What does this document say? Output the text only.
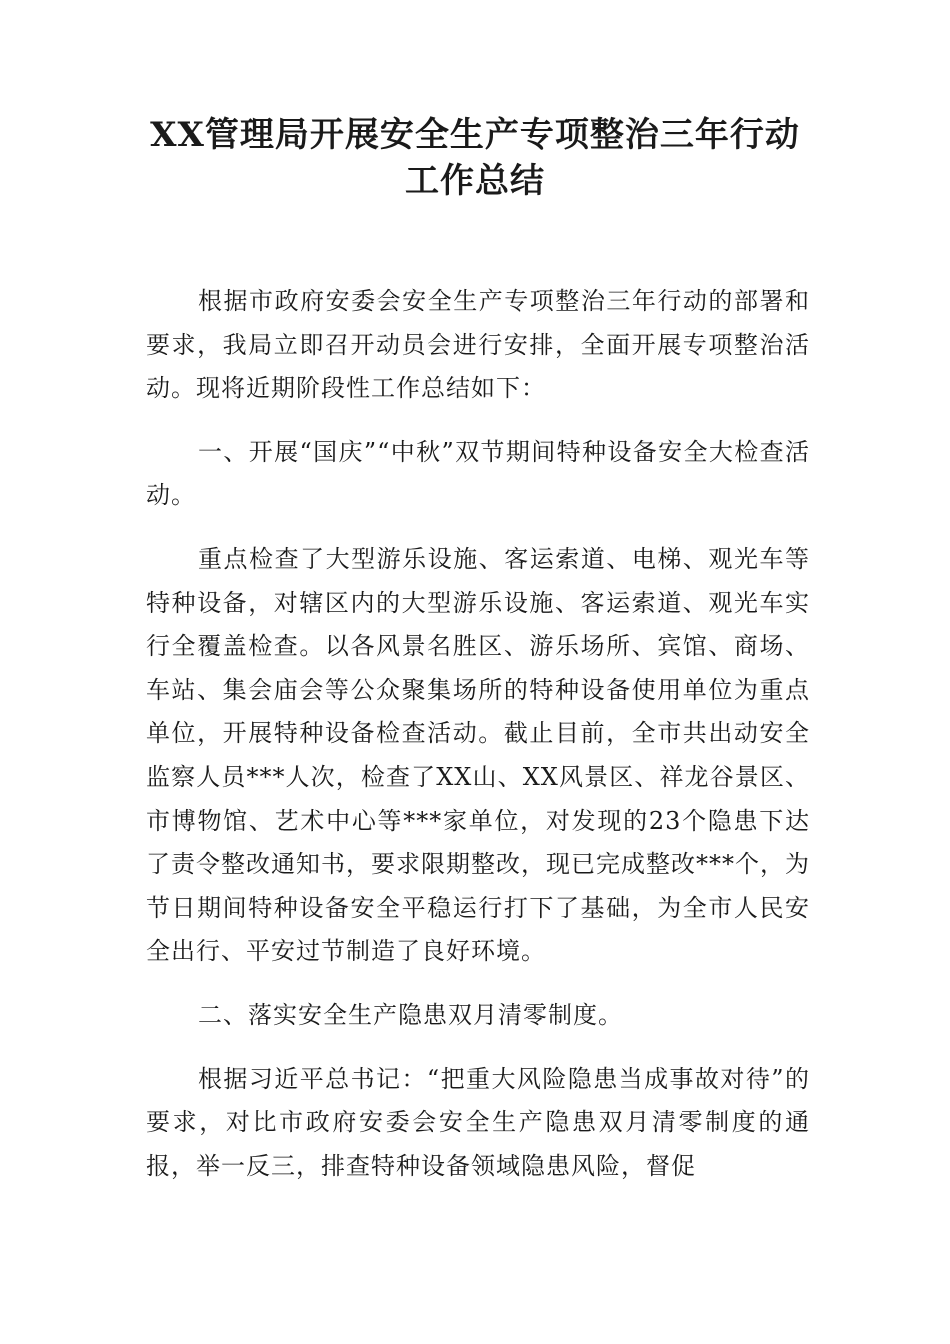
XX管理局开展安全生产专项整治三年行动
工作总结

根据市政府安委会安全生产专项整治三年行动的部署和要求，我局立即召开动员会进行安排，全面开展专项整治活动。现将近期阶段性工作总结如下：

一、开展“国庆”“中秋”双节期间特种设备安全大检查活动。

重点检查了大型游乐设施、客运索道、电梯、观光车等特种设备，对辖区内的大型游乐设施、客运索道、观光车实行全覆盖检查。以各风景名胜区、游乐场所、宾馆、商场、车站、集会庙会等公众聚集场所的特种设备使用单位为重点单位，开展特种设备检查活动。截止目前，全市共出动安全监察人员***人次，检查了XX山、XX风景区、祥龙谷景区、市博物馆、艺术中心等***家单位，对发现的23个隐患下达了责令整改通知书，要求限期整改，现已完成整改***个，为节日期间特种设备安全平稳运行打下了基础，为全市人民安全出行、平安过节制造了良好环境。

二、落实安全生产隐患双月清零制度。

根据习近平总书记：“把重大风险隐患当成事故对待”的要求，对比市政府安委会安全生产隐患双月清零制度的通报，举一反三，排查特种设备领域隐患风险，督促
